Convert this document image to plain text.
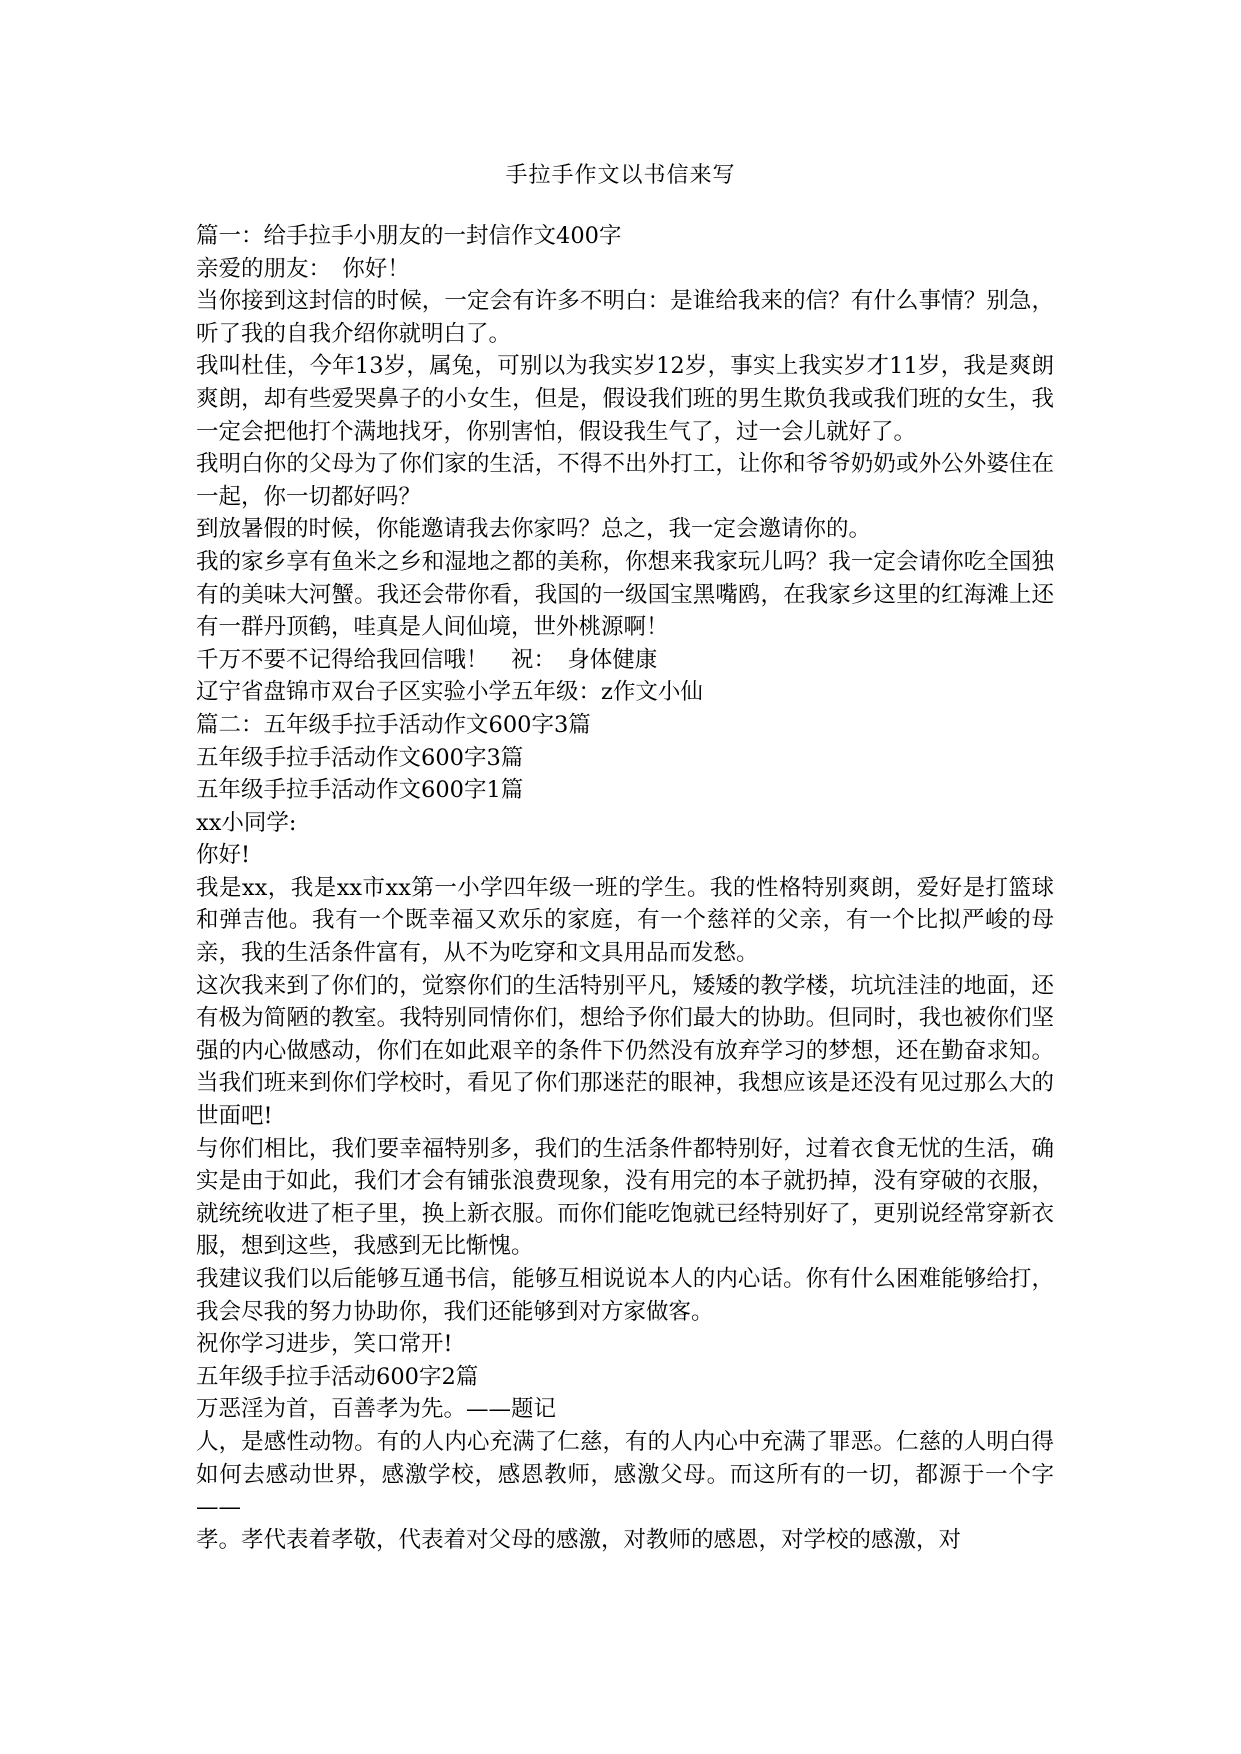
手拉手作文以书信来写

篇一：给手拉手小朋友的一封信作文400字

亲爱的朋友：　你好！

当你接到这封信的时候，一定会有许多不明白：是谁给我来的信？有什么事情？别急，听了我的自我介绍你就明白了。

我叫杜佳，今年13岁，属兔，可别以为我实岁12岁，事实上我实岁才11岁，我是爽朗爽朗，却有些爱哭鼻子的小女生，但是，假设我们班的男生欺负我或我们班的女生，我一定会把他打个满地找牙，你别害怕，假设我生气了，过一会儿就好了。

我明白你的父母为了你们家的生活，不得不出外打工，让你和爷爷奶奶或外公外婆住在一起，你一切都好吗？

到放暑假的时候，你能邀请我去你家吗？总之，我一定会邀请你的。

我的家乡享有鱼米之乡和湿地之都的美称，你想来我家玩儿吗？我一定会请你吃全国独有的美味大河蟹。我还会带你看，我国的一级国宝黑嘴鸥，在我家乡这里的红海滩上还有一群丹顶鹤，哇真是人间仙境，世外桃源啊！

千万不要不记得给我回信哦！　祝：　身体健康

辽宁省盘锦市双台子区实验小学五年级：z作文小仙

篇二：五年级手拉手活动作文600字3篇

五年级手拉手活动作文600字3篇

五年级手拉手活动作文600字1篇

xx小同学:

你好!

我是xx，我是xx市xx第一小学四年级一班的学生。我的性格特别爽朗，爱好是打篮球和弹吉他。我有一个既幸福又欢乐的家庭，有一个慈祥的父亲，有一个比拟严峻的母亲，我的生活条件富有，从不为吃穿和文具用品而发愁。

这次我来到了你们的，觉察你们的生活特别平凡，矮矮的教学楼，坑坑洼洼的地面，还有极为简陋的教室。我特别同情你们，想给予你们最大的协助。但同时，我也被你们坚强的内心做感动，你们在如此艰辛的条件下仍然没有放弃学习的梦想，还在勤奋求知。当我们班来到你们学校时，看见了你们那迷茫的眼神，我想应该是还没有见过那么大的世面吧!

与你们相比，我们要幸福特别多，我们的生活条件都特别好，过着衣食无忧的生活，确实是由于如此，我们才会有铺张浪费现象，没有用完的本子就扔掉，没有穿破的衣服，就统统收进了柜子里，换上新衣服。而你们能吃饱就已经特别好了，更别说经常穿新衣服，想到这些，我感到无比惭愧。

我建议我们以后能够互通书信，能够互相说说本人的内心话。你有什么困难能够给打，我会尽我的努力协助你，我们还能够到对方家做客。

祝你学习进步，笑口常开!

五年级手拉手活动600字2篇

万恶淫为首，百善孝为先。——题记

人，是感性动物。有的人内心充满了仁慈，有的人内心中充满了罪恶。仁慈的人明白得如何去感动世界，感激学校，感恩教师，感激父母。而这所有的一切，都源于一个字——

孝。孝代表着孝敬，代表着对父母的感激，对教师的感恩，对学校的感激，对
